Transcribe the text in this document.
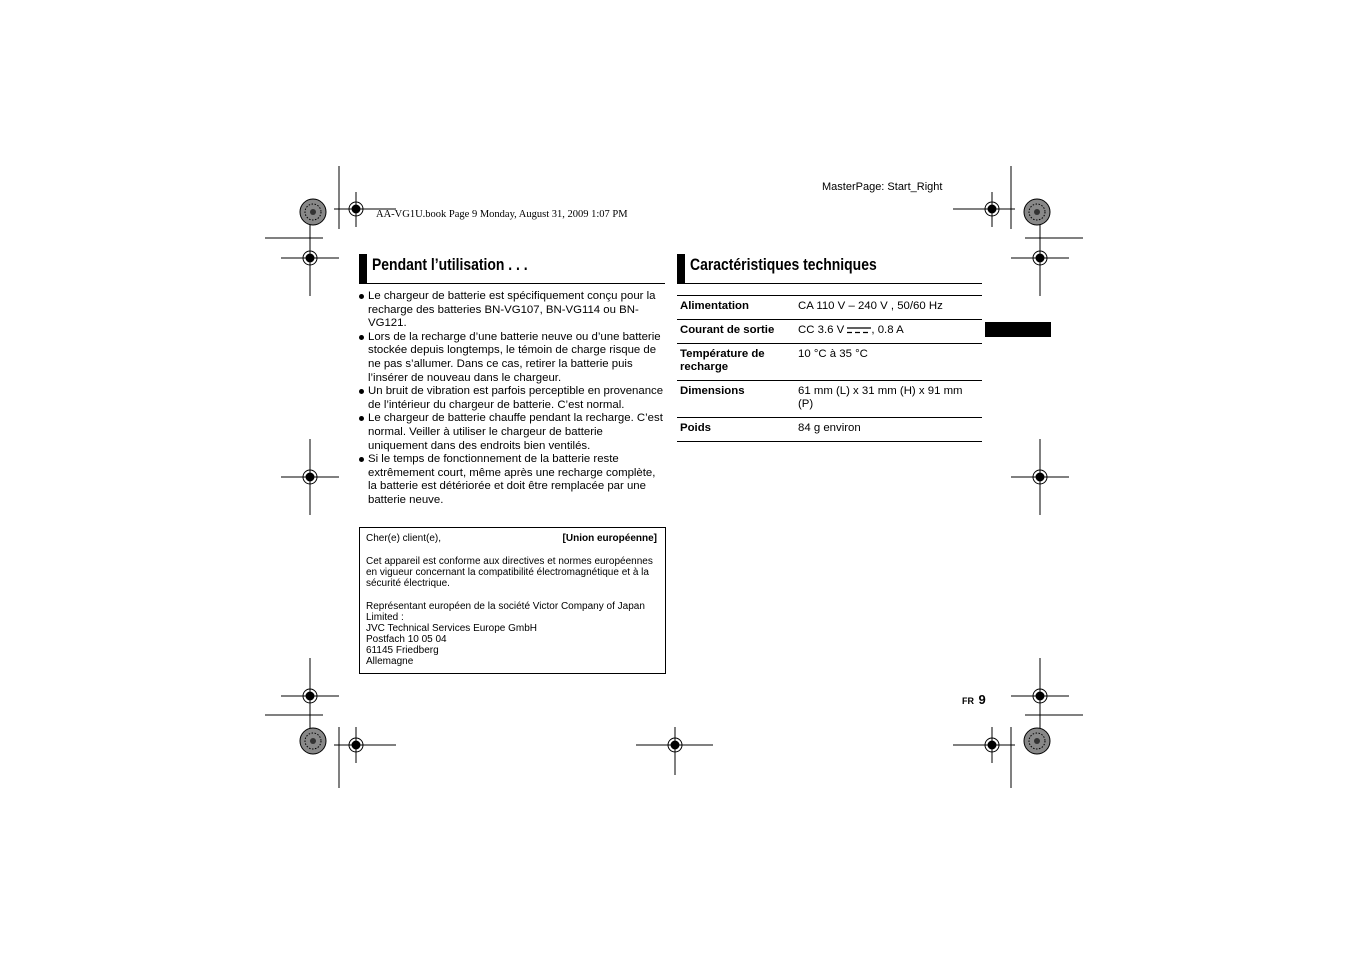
MasterPage: Start_Right
AA-VG1U.book Page 9 Monday, August 31, 2009 1:07 PM
Pendant l’utilisation . . .
Le chargeur de batterie est spécifiquement conçu pour la recharge des batteries BN-VG107, BN-VG114 ou BN-VG121.
Lors de la recharge d’une batterie neuve ou d’une batterie stockée depuis longtemps, le témoin de charge risque de ne pas s’allumer. Dans ce cas, retirer la batterie puis l’insérer de nouveau dans le chargeur.
Un bruit de vibration est parfois perceptible en provenance de l’intérieur du chargeur de batterie. C’est normal.
Le chargeur de batterie chauffe pendant la recharge. C’est normal. Veiller à utiliser le chargeur de batterie uniquement dans des endroits bien ventilés.
Si le temps de fonctionnement de la batterie reste extrêmement court, même après une recharge complète, la batterie est détériorée et doit être remplacée par une batterie neuve.
Cher(e) client(e),	[Union européenne]
Cet appareil est conforme aux directives et normes européennes en vigueur concernant la compatibilité électromagnétique et à la sécurité électrique.
Représentant européen de la société Victor Company of Japan Limited :
JVC Technical Services Europe GmbH
Postfach 10 05 04
61145 Friedberg
Allemagne
Caractéristiques techniques
Alimentation	CA 110 V – 240 V , 50/60 Hz
Courant de sortie	CC 3.6 V , 0.8 A
Température de recharge	10 °C à 35 °C
Dimensions	61 mm (L) x 31 mm (H) x 91 mm (P)
Poids	84 g environ
FR 9
